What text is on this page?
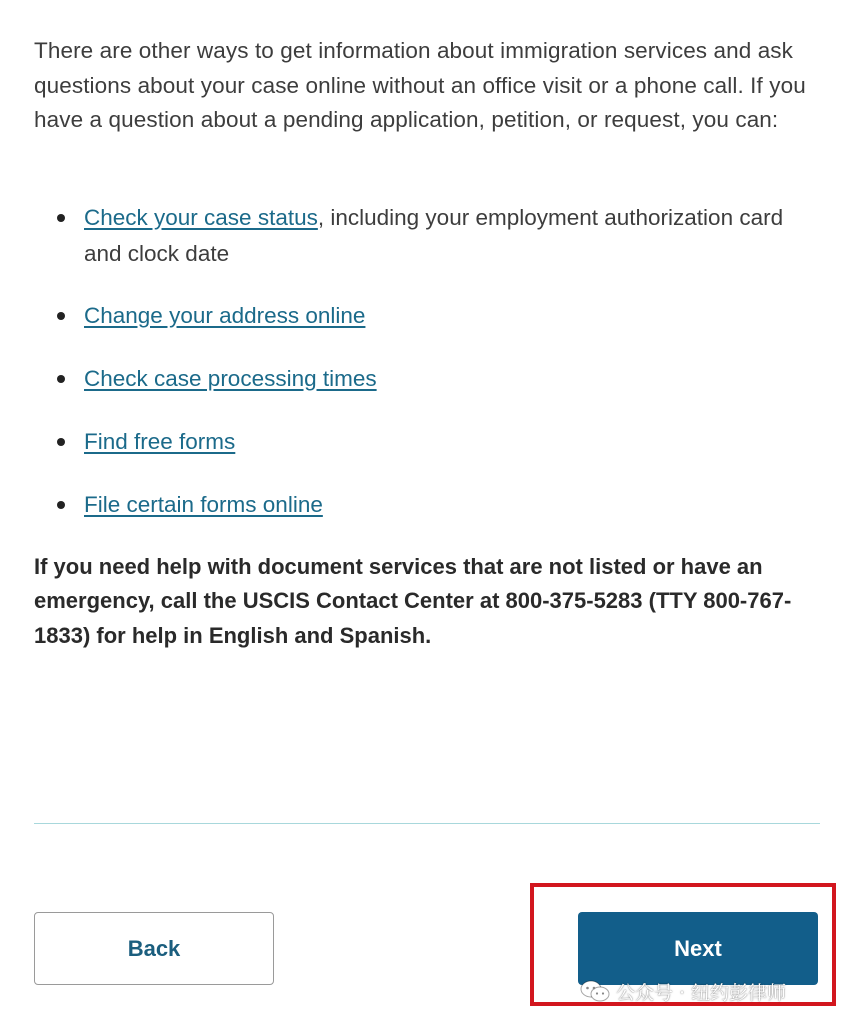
There are other ways to get information about immigration services and ask questions about your case online without an office visit or a phone call. If you have a question about a pending application, petition, or request, you can:

Check your case status, including your employment authorization card and clock date
Change your address online
Check case processing times
Find free forms
File certain forms online

If you need help with document services that are not listed or have an emergency, call the USCIS Contact Center at 800-375-5283 (TTY 800-767-1833) for help in English and Spanish.

Back	Next
公众号 · 纽约彭律师
